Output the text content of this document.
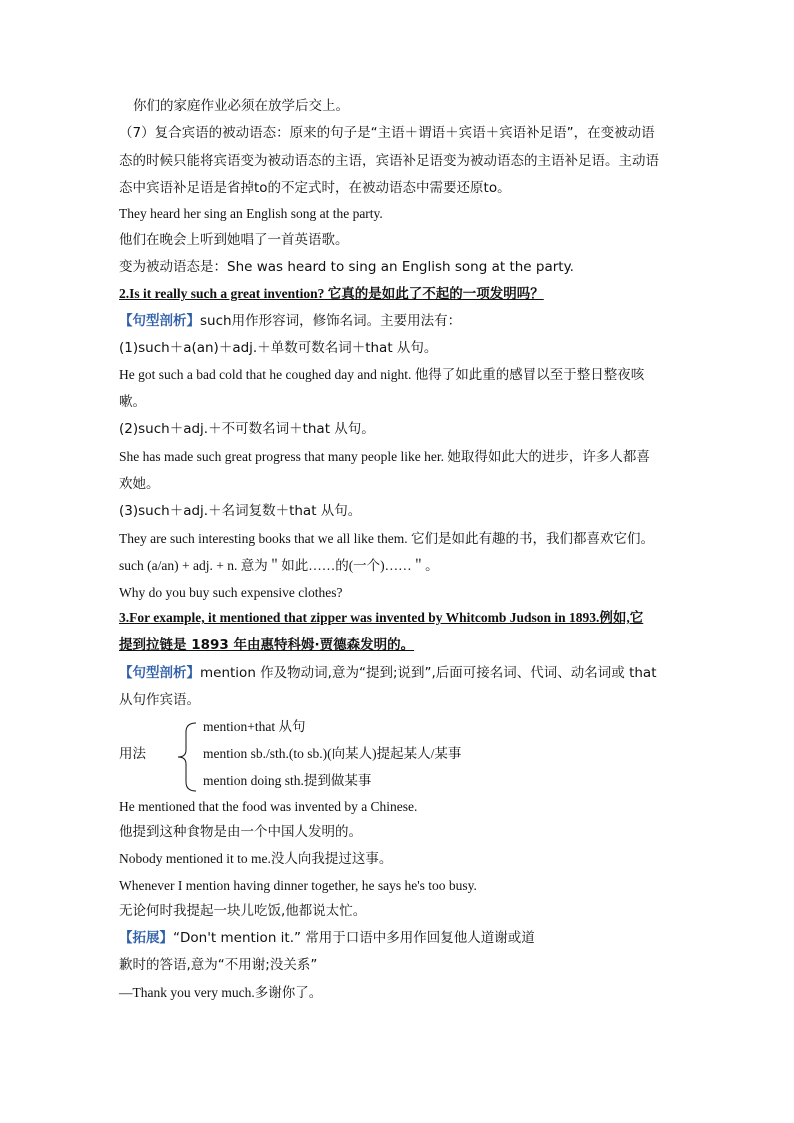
你们的家庭作业必须在放学后交上。
（7）复合宾语的被动语态：原来的句子是“主语＋谓语＋宾语＋宾语补足语”，在变被动语
态的时候只能将宾语变为被动语态的主语，宾语补足语变为被动语态的主语补足语。主动语
态中宾语补足语是省掉to的不定式时，在被动语态中需要还原to。
They heard her sing an English song at the party.
他们在晚会上听到她唱了一首英语歌。
变为被动语态是：She was heard to sing an English song at the party.
2.Is it really such a great invention? 它真的是如此了不起的一项发明吗？
【句型剖析】such用作形容词，修饰名词。主要用法有：
(1)such＋a(an)＋adj.＋单数可数名词＋that 从句。
He got such a bad cold that he coughed day and night. 他得了如此重的感冒以至于整日整夜咳
嗽。
(2)such＋adj.＋不可数名词＋that 从句。
She has made such great progress that many people like her. 她取得如此大的进步，许多人都喜
欢她。
(3)such＋adj.＋名词复数＋that 从句。
They are such interesting books that we all like them. 它们是如此有趣的书，我们都喜欢它们。
such (a/an) + adj. + n. 意为＂如此……的(一个)……＂。
Why do you buy such expensive clothes?
3.For example, it mentioned that zipper was invented by Whitcomb Judson in 1893.例如,它
提到拉链是 1893 年由惠特科姆·贾德森发明的。
【句型剖析】mention 作及物动词,意为“提到;说到”,后面可接名词、代词、动名词或 that
从句作宾语。
mention+that 从句
用法	mention sb./sth.(to sb.)(向某人)提起某人/某事
mention doing sth.提到做某事
He mentioned that the food was invented by a Chinese.
他提到这种食物是由一个中国人发明的。
Nobody mentioned it to me.没人向我提过这事。
Whenever I mention having dinner together, he says he's too busy.
无论何时我提起一块儿吃饭,他都说太忙。
【拓展】“Don't mention it.” 常用于口语中多用作回复他人道谢或道
歉时的答语,意为“不用谢;没关系”
—Thank you very much.多谢你了。
